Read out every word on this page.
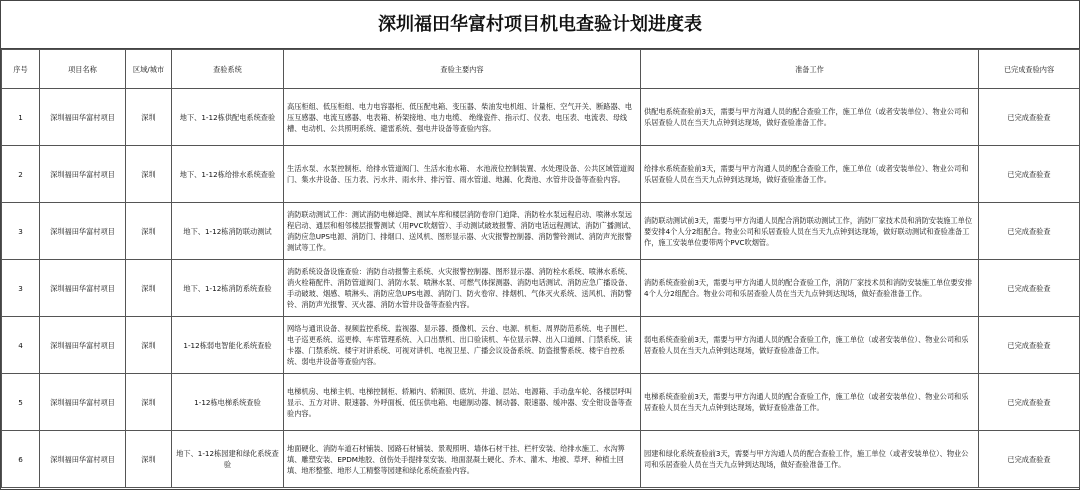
深圳福田华富村项目机电查验计划进度表
序号	项目名称	区域/城市	查验系统	查验主要内容	准备工作	已完成查验内容
1	深圳福田华富村项目	深圳	地下、1-12栋供配电系统查验	高压柜组、低压柜组、电力电容器柜、低压配电箱、变压器、柴油发电机组、计量柜、空气开关、断路器、电压互感器、电流互感器、电表箱、桥架接地、电力电缆、 绝缘瓷件、指示灯、仪表、电压表、电流表、母线槽、电动机、公共照明系统、避雷系统、强电井设备等查验内容。	供配电系统查验前3天，需要与甲方沟通人员的配合查验工作，施工单位（或者安装单位）、物业公司和乐居查验人员在当天九点钟到达现场，做好查验准备工作。	已完成查验查
2	深圳福田华富村项目	深圳	地下、1-12栋给排水系统查验	生活水泵、水泵控制柜、给排水管道阀门、生活水池水箱、 水池液位控制装置、水处理设备、公共区域管道阀门、集水井设备、压力表、污水井、雨水井、排污管、雨水管道、地漏、化粪池、水管井设备等查验内容。	给排水系统查验前3天，需要与甲方沟通人员的配合查验工作，施工单位（或者安装单位）、物业公司和乐居查验人员在当天九点钟到达现场，做好查验准备工作。	已完成查验查
3	深圳福田华富村项目	深圳	地下、1-12栋消防联动测试	消防联动测试工作：测试消防电梯迫降、测试车库和楼层消防卷帘门迫降、消防栓水泵远程启动、喷淋水泵远程启动、通层和相邻楼层报警测试（用PVC吹烟管）、手动测试破玻报警、消防电话远程测试、消防广播测试、消防应急UPS电源、消防门、排烟口、送风机、图形显示器、火灾报警控制器、消防警铃测试、消防声光报警测试等工作。	消防联动测试前3天，需要与甲方沟通人员配合消防联动测试工作，消防厂家技术员和消防安装施工单位要安排4个人分2组配合。物业公司和乐居查验人员在当天九点钟到达现场，做好联动测试和查验准备工作，施工安装单位要带两个PVC吹烟管。	已完成查验查
3	深圳福田华富村项目	深圳	地下、1-12栋消防系统查验	消防系统设备设施查验：消防自动报警主系统、火灾报警控制器、图形显示器、消防栓水系统、喷淋水系统、消火栓箱配件、消防管道阀门、消防水泵、喷淋水泵、可燃气体探测器、消防电话测试、消防应急广播设备、手动破玻、烟感、喷淋头、消防应急UPS电源、消防门、防火卷帘、排烟机、气体灭火系统、送风机、消防警铃、消防声光报警、灭火器、消防水管井设备等查验内容。	消防系统查验前3天，需要与甲方沟通人员的配合查验工作，消防厂家技术员和消防安装施工单位要安排4个人分2组配合。物业公司和乐居查验人员在当天九点钟到达现场，做好查验准备工作。	已完成查验查
4	深圳福田华富村项目	深圳	1-12栋弱电智能化系统查验	网络与通讯设备、视频监控系统、监视器、显示器、摄像机、云台、电源、机柜、周界防范系统、电子围栏、电子巡更系统、巡更棒、车库管理系统、入口出票机、出口验读机、车位显示牌、出入口道闸、门禁系统、读卡器、门禁系统、楼宇对讲系统、可视对讲机、电视卫星、广播会议设备系统、防盗报警系统、楼宇自控系统、弱电井设备等查验内容。	弱电系统查验前3天，需要与甲方沟通人员的配合查验工作，施工单位（或者安装单位）、物业公司和乐居查验人员在当天九点钟到达现场，做好查验准备工作。	已完成查验查
5	深圳福田华富村项目	深圳	1-12栋电梯系统查验	电梯机房、电梯主机、电梯控制柜、轿厢内、轿厢顶、底坑、井道、层站、电源箱、手动盘车轮、各楼层呼叫显示、五方对讲、限速器、外呼面板、低压供电箱、电磁制动器、制动器、限速器、缓冲器、安全钳设备等查验内容。	电梯系统查验前3天，需要与甲方沟通人员的配合查验工作，施工单位（或者安装单位）、物业公司和乐居查验人员在当天九点钟到达现场，做好查验准备工作。	已完成查验查
6	深圳福田华富村项目	深圳	地下、1-12栋园建和绿化系统查验	地面硬化、消防车道石材铺装、园路石材铺装、景观照明、墙体石材干挂、栏杆安装、给排水施工、水沟箅填、雕塑安装、EPDM地胶、创伤处手提排泵安装、地面混凝土硬化、乔木、灌木、地被、草坪、种植土回填、地形整整、地形人工精整等园建和绿化系统查验内容。	园建和绿化系统查验前3天，需要与甲方沟通人员的配合查验工作，施工单位（或者安装单位）、物业公司和乐居查验人员在当天九点钟到达现场，做好查验准备工作。	已完成查验查
